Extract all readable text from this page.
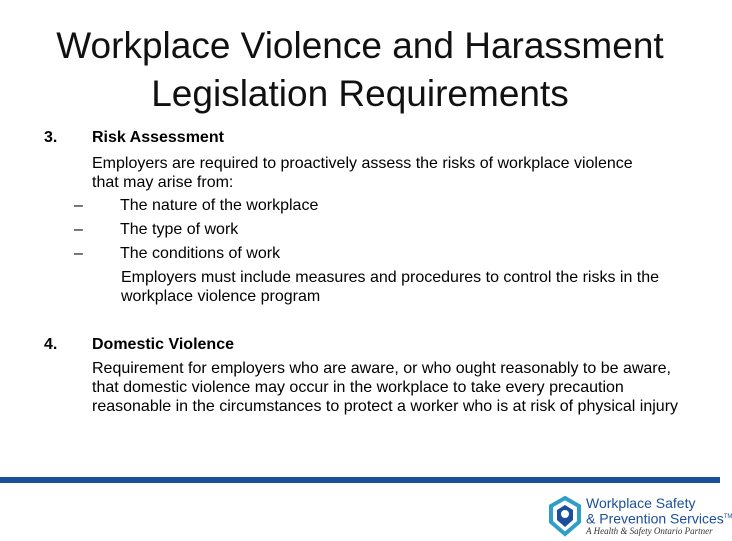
Workplace Violence and Harassment
Legislation Requirements
3. Risk Assessment
Employers are required to proactively assess the risks of workplace violence that may arise from:
– The nature of the workplace
– The type of work
– The conditions of work
Employers must include measures and procedures to control the risks in the workplace violence program
4. Domestic Violence
Requirement for employers who are aware, or who ought reasonably to be aware, that domestic violence may occur in the workplace to take every precaution reasonable in the circumstances to protect a worker who is at risk of physical injury
Workplace Safety
& Prevention Services™
A Health & Safety Ontario Partner
